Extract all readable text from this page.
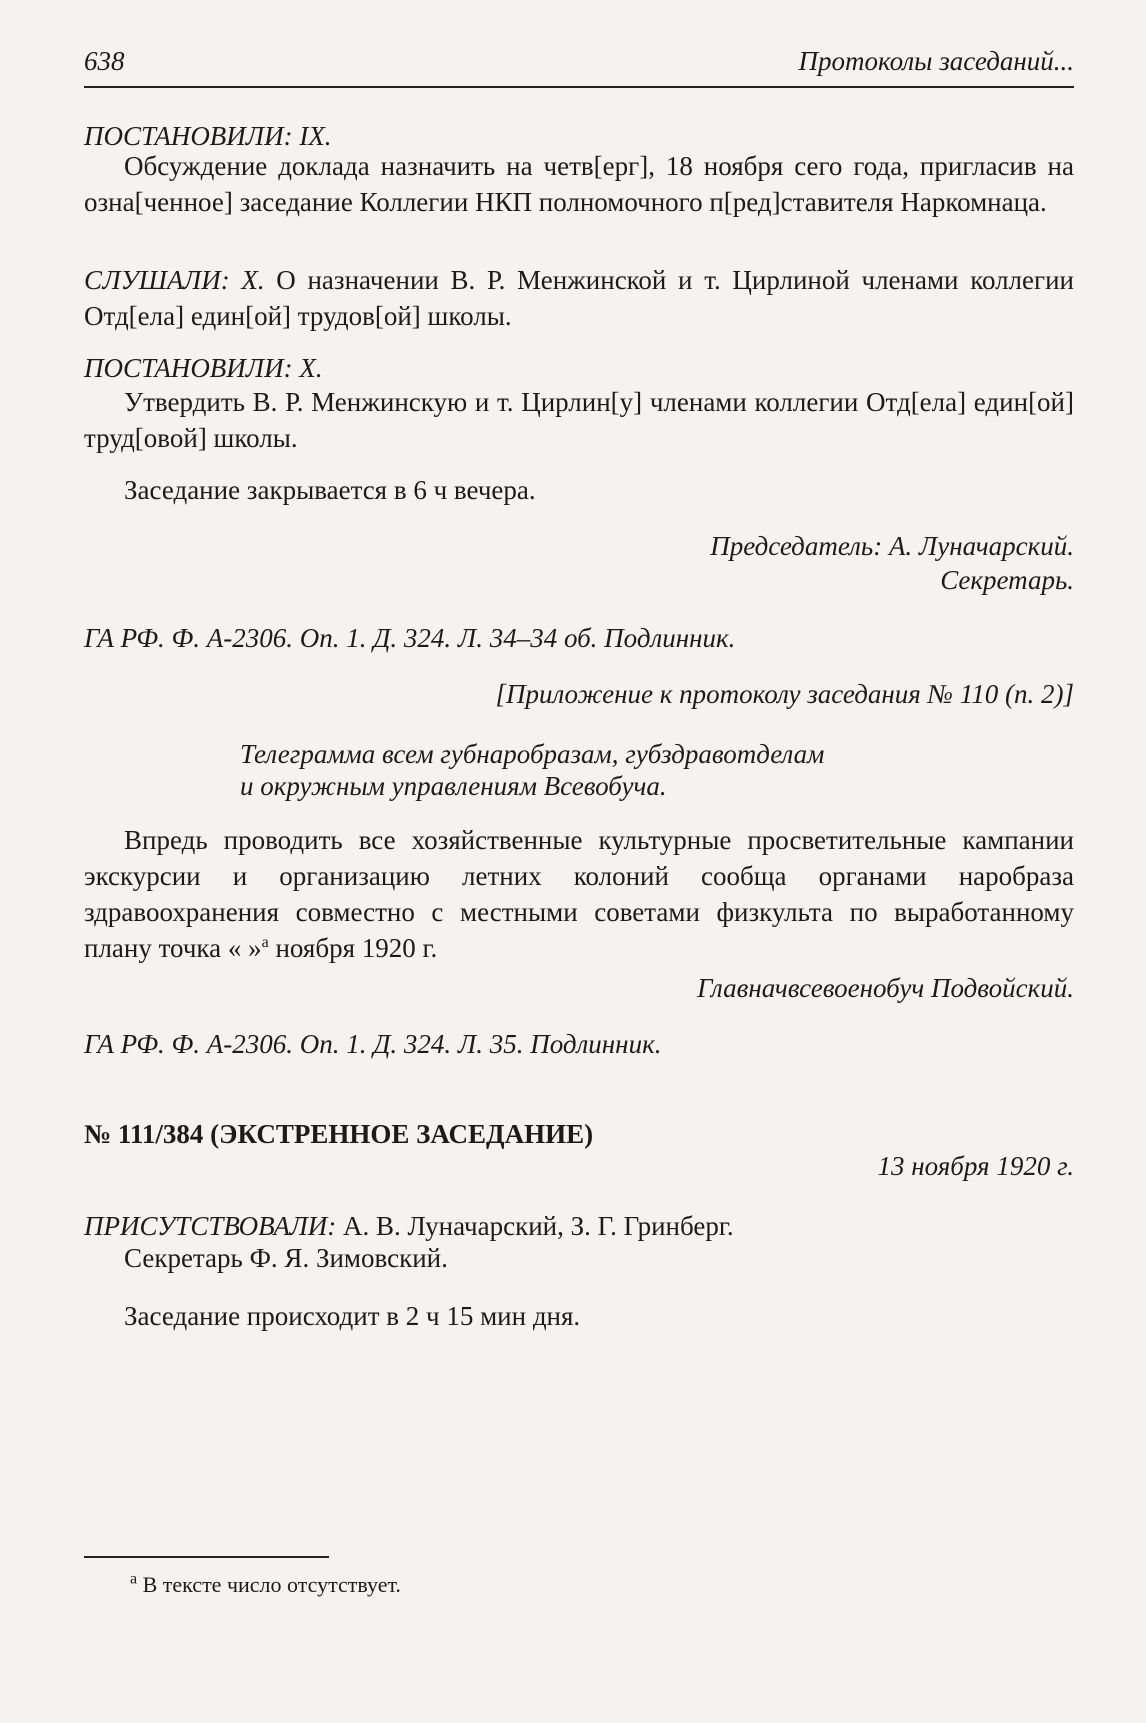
638	Протоколы заседаний...
ПОСТАНОВИЛИ: IX.
Обсуждение доклада назначить на четв[ерг], 18 ноября сего года, пригласив на озна[ченное] заседание Коллегии НКП полномочного п[ред]ставителя Наркомнаца.
СЛУШАЛИ: X. О назначении В. Р. Менжинской и т. Цирлиной членами коллегии Отд[ела] един[ой] трудов[ой] школы.
ПОСТАНОВИЛИ: X.
Утвердить В. Р. Менжинскую и т. Цирлин[у] членами коллегии Отд[ела] един[ой] труд[овой] школы.
Заседание закрывается в 6 ч вечера.
Председатель: А. Луначарский.
Секретарь.
ГА РФ. Ф. А-2306. Оп. 1. Д. 324. Л. 34–34 об. Подлинник.
[Приложение к протоколу заседания № 110 (п. 2)]
Телеграмма всем губнаробразам, губздравотделам
и окружным управлениям Всевобуча.
Впредь проводить все хозяйственные культурные просветительные кампании экскурсии и организацию летних колоний сообща органами наробраза здравоохранения совместно с местными советами физкульта по выработанному плану точка « »$^а$ ноября 1920 г.
Главначвсевоенобуч Подвойский.
ГА РФ. Ф. А-2306. Оп. 1. Д. 324. Л. 35. Подлинник.
№ 111/384 (ЭКСТРЕННОЕ ЗАСЕДАНИЕ)
13 ноября 1920 г.
ПРИСУТСТВОВАЛИ: А. В. Луначарский, З. Г. Гринберг.
Секретарь Ф. Я. Зимовский.
Заседание происходит в 2 ч 15 мин дня.
$^а$ В тексте число отсутствует.
